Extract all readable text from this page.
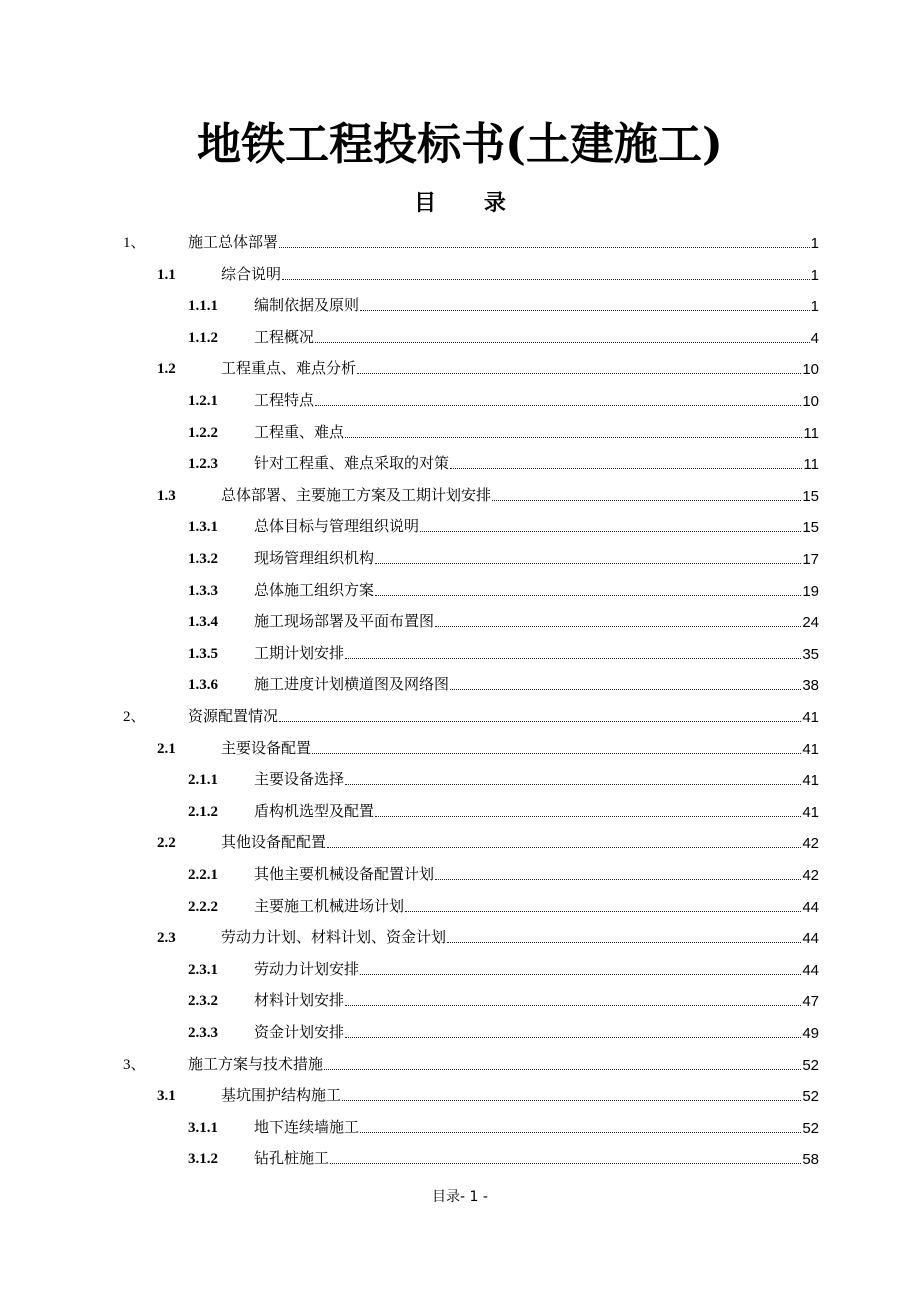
地铁工程投标书(土建施工)
目 录
1、	施工总体部署	1
1.1	综合说明	1
1.1.1	编制依据及原则	1
1.1.2	工程概况	4
1.2	工程重点、难点分析	10
1.2.1	工程特点	10
1.2.2	工程重、难点	11
1.2.3	针对工程重、难点采取的对策	11
1.3	总体部署、主要施工方案及工期计划安排	15
1.3.1	总体目标与管理组织说明	15
1.3.2	现场管理组织机构	17
1.3.3	总体施工组织方案	19
1.3.4	施工现场部署及平面布置图	24
1.3.5	工期计划安排	35
1.3.6	施工进度计划横道图及网络图	38
2、	资源配置情况	41
2.1	主要设备配置	41
2.1.1	主要设备选择	41
2.1.2	盾构机选型及配置	41
2.2	其他设备配配置	42
2.2.1	其他主要机械设备配置计划	42
2.2.2	主要施工机械进场计划	44
2.3	劳动力计划、材料计划、资金计划	44
2.3.1	劳动力计划安排	44
2.3.2	材料计划安排	47
2.3.3	资金计划安排	49
3、	施工方案与技术措施	52
3.1	基坑围护结构施工	52
3.1.1	地下连续墙施工	52
3.1.2	钻孔桩施工	58
目录- 1 -
